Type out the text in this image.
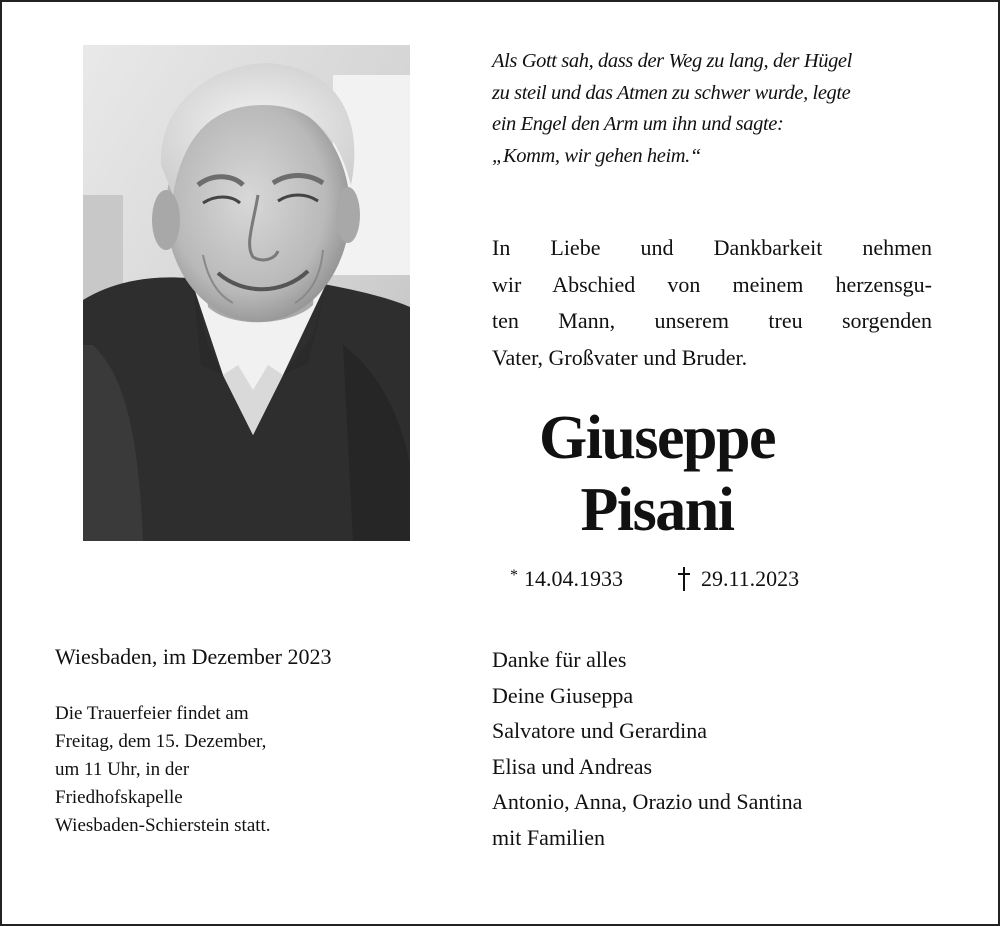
Als Gott sah, dass der Weg zu lang, der Hügel
zu steil und das Atmen zu schwer wurde, legte
ein Engel den Arm um ihn und sagte:
„Komm, wir gehen heim.“
In Liebe und Dankbarkeit nehmen
wir Abschied von meinem herzensgu-
ten Mann, unserem treu sorgenden
Vater, Großvater und Bruder.
Giuseppe
Pisani
* 14.04.1933	29.11.2023
Wiesbaden, im Dezember 2023
Die Trauerfeier findet am
Freitag, dem 15. Dezember,
um 11 Uhr, in der
Friedhofskapelle
Wiesbaden-Schierstein statt.
Danke für alles
Deine Giuseppa
Salvatore und Gerardina
Elisa und Andreas
Antonio, Anna, Orazio und Santina
mit Familien
